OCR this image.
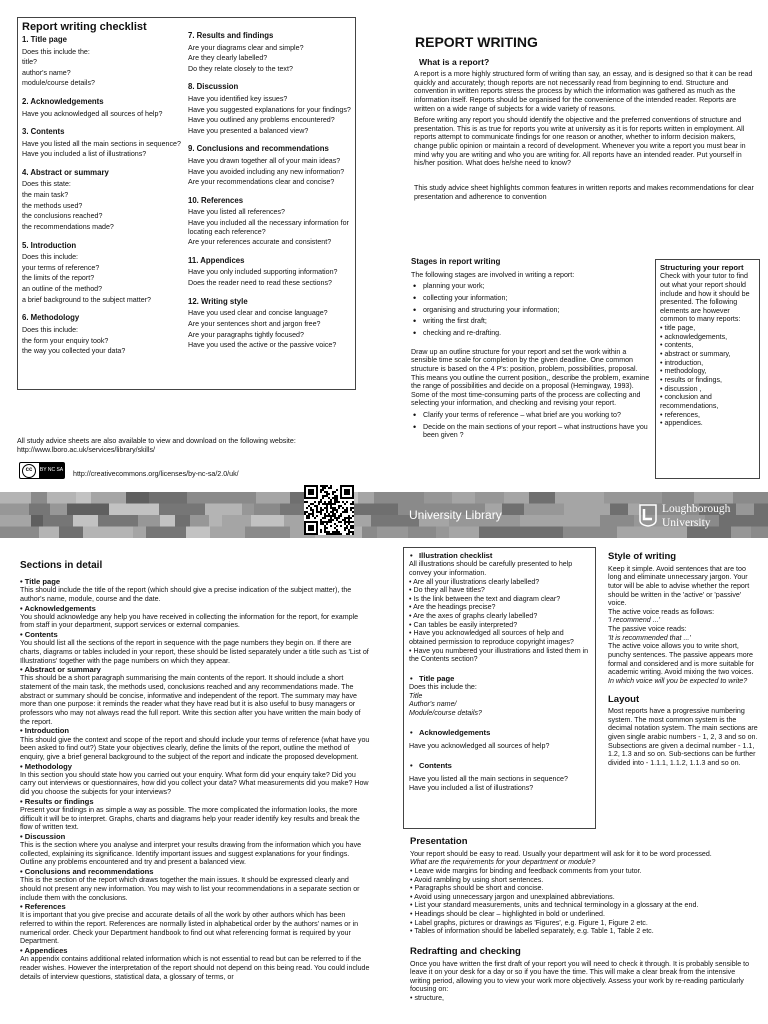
Report writing checklist
1. Title page
Does this include the:
title?
author's name?
module/course details?
2. Acknowledgements
Have you acknowledged all sources of help?
3. Contents
Have you listed all the main sections in sequence?
Have you included a list of illustrations?
4. Abstract or summary
Does this state:
the main task?
the methods used?
the conclusions reached?
the recommendations made?
5. Introduction
Does this include:
your terms of reference?
the limits of the report?
an outline of the method?
a brief background to the subject matter?
6. Methodology
Does this include:
the form your enquiry took?
the way you collected your data?
7. Results and findings
Are your diagrams clear and simple?
Are they clearly labelled?
Do they relate closely to the text?
8. Discussion
Have you identified key issues?
Have you suggested explanations for your findings?
Have you outlined any problems encountered?
Have you presented a balanced view?
9. Conclusions and recommendations
Have you drawn together all of your main ideas?
Have you avoided including any new information?
Are your recommendations clear and concise?
10. References
Have you listed all references?
Have you included all the necessary information for locating each reference?
Are your references accurate and consistent?
11. Appendices
Have you only included supporting information?
Does the reader need to read these sections?
12. Writing style
Have you used clear and concise language?
Are your sentences short and jargon free?
Are your paragraphs tightly focused?
Have you used the active or the passive voice?
REPORT WRITING
What is a report?

A report is a more highly structured form of writing than say, an essay, and is designed so that it can be read quickly and accurately; though reports are not necessarily read from beginning to end. Structure and convention in written reports stress the process by which the information was gathered as much as the information itself. Reports should be organised for the convenience of the intended reader. Reports are written on a wide range of subjects for a wide variety of reasons.

Before writing any report you should identify the objective and the preferred conventions of structure and presentation. This is as true for reports you write at university as it is for reports written in employment. All reports attempt to communicate findings for one reason or another, whether to inform decision makers, change public opinion or maintain a record of development. Whenever you write a report you must bear in mind why you are writing and who you are writing for. All reports have an intended reader. Put yourself in his/her position. What does he/she need to know?

This study advice sheet highlights common features in written reports and makes recommendations for clear presentation and adherence to convention

Stages in report writing

The following stages are involved in writing a report:

• planning your work;
• collecting your information;
• organising and structuring your information;
• writing the first draft;
• checking and re-drafting.

Draw up an outline structure for your report and set the work within a sensible time scale for completion by the given deadline. One common structure is based on the 4 P's: position, problem, possibilities, proposal. This means you outline the current position,, describe the problem, examine the range of possibilities and decide on a proposal (Hemingway, 1993). Some of the most time-consuming parts of the process are collecting and selecting your information, and checking and revising your report.

• Clarify your terms of reference – what brief are you working to?
• Decide on the main sections of your report – what instructions have you been given ?
Structuring your report
Check with your tutor to find out what your report should include and how it should be presented. The following elements are however common to many reports:
• title page,
• acknowledgements,
• contents,
• abstract or summary,
• introduction,
• methodology,
• results or findings,
• discussion ,
• conclusion and recommendations,
• references,
• appendices.
All study advice sheets are also available to view and download on the following website:
http://www.lboro.ac.uk/services/library/skills/
cc	BY NC SA http://creativecommons.org/licenses/by-nc-sa/2.0/uk/
University Library	Loughborough
University
Sections in detail
• Title page

This should include the title of the report (which should give a precise indication of the subject matter), the author's name, module, course and the date.

• Acknowledgements

You should acknowledge any help you have received in collecting the information for the report, for example from staff in your department, support services or external companies.

• Contents

You should list all the sections of the report in sequence with the page numbers they begin on. If there are charts, diagrams or tables included in your report, these should be listed separately under a title such as 'List of Illustrations' together with the page numbers on which they appear.

• Abstract or summary

This should be a short paragraph summarising the main contents of the report. It should include a short statement of the main task, the methods used, conclusions reached and any recommendations made. The abstract or summary should be concise, informative and independent of the report. The summary may have more than one purpose: it reminds the reader what they have read but it is also useful to busy managers or professors who may not always read the full report. Write this section after you have written the main body of the report.

• Introduction

This should give the context and scope of the report and should include your terms of reference (what have you been asked to find out?) State your objectives clearly, define the limits of the report, outline the method of enquiry, give a brief general background to the subject of the report and indicate the proposed development.

• Methodology

In this section you should state how you carried out your enquiry. What form did your enquiry take? Did you carry out interviews or questionnaires, how did you collect your data? What measurements did you make? How did you choose the subjects for your interviews?

• Results or findings

Present your findings in as simple a way as possible. The more complicated the information looks, the more difficult it will be to interpret. Graphs, charts and diagrams help your reader identify key results and break the flow of written text.

• Discussion

This is the section where you analyse and interpret your results drawing from the information which you have collected, explaining its significance. Identify important issues and suggest explanations for your findings. Outline any problems encountered and try and present a balanced view.

• Conclusions and recommendations

This is the section of the report which draws together the main issues. It should be expressed clearly and should not present any new information. You may wish to list your recommendations in a separate section or include them with the conclusions.

• References

It is important that you give precise and accurate details of all the work by other authors which has been referred to within the report. References are normally listed in alphabetical order by the authors' names or in numerical order. Check your Department handbook to find out what referencing format is required by your Department.

• Appendices

An appendix contains additional related information which is not essential to read but can be referred to if the reader wishes. However the interpretation of the report should not depend on this being read. You could include details of interview questions, statistical data, a glossary of terms, or

• Illustration checklist

All illustrations should be carefully presented to help convey your information.

• Are all your illustrations clearly labelled?

• Do they all have titles?

• Is the link between the text and diagram clear?

• Are the headings precise?

• Are the axes of graphs clearly labelled?

• Can tables be easily interpreted?

• Have you acknowledged all sources of help and obtained permission to reproduce copyright images?

• Have you numbered your illustrations and listed them in the Contents section?

• Title page

Does this include the:

Title

Author's name/

Module/course details?

• Acknowledgements

Have you acknowledged all sources of help?

• Contents

Have you listed all the main sections in sequence?

Have you included a list of illustrations?

Presentation

Your report should be easy to read. Usually your department will ask for it to be word processed.

What are the requirements for your department or module?

• Leave wide margins for binding and feedback comments from your tutor.

• Avoid rambling by using short sentences.

• Paragraphs should be short and concise.

• Avoid using unnecessary jargon and unexplained abbreviations.

• List your standard measurements, units and technical terminology in a glossary at the end.

• Headings should be clear – highlighted in bold or underlined.

• Label graphs, pictures or drawings as 'Figures', e.g. Figure 1, Figure 2 etc.

• Tables of information should be labelled separately, e.g. Table 1, Table 2 etc.

Redrafting and checking

Once you have written the first draft of your report you will need to check it through. It is probably sensible to leave it on your desk for a day or so if you have the time. This will make a clear break from the intensive writing period, allowing you to view your work more objectively. Assess your work by re-reading particularly focusing on:

• structure,

Style of writing

Keep it simple. Avoid sentences that are too long and eliminate unnecessary jargon. Your tutor will be able to advise whether the report should be written in the 'active' or 'passive' voice.

The active voice reads as follows:

'I recommend ...'

The passive voice reads:

'It is recommended that ...'

The active voice allows you to write short, punchy sentences. The passive appears more formal and considered and is more suitable for academic writing. Avoid mixing the two voices.

In which voice will you be expected to write?

Layout

Most reports have a progressive numbering system. The most common system is the decimal notation system. The main sections are given single arabic numbers - 1, 2, 3 and so on. Subsections are given a decimal number - 1.1, 1.2, 1.3 and so on. Sub-sections can be further divided into - 1.1.1, 1.1.2, 1.1.3 and so on.
